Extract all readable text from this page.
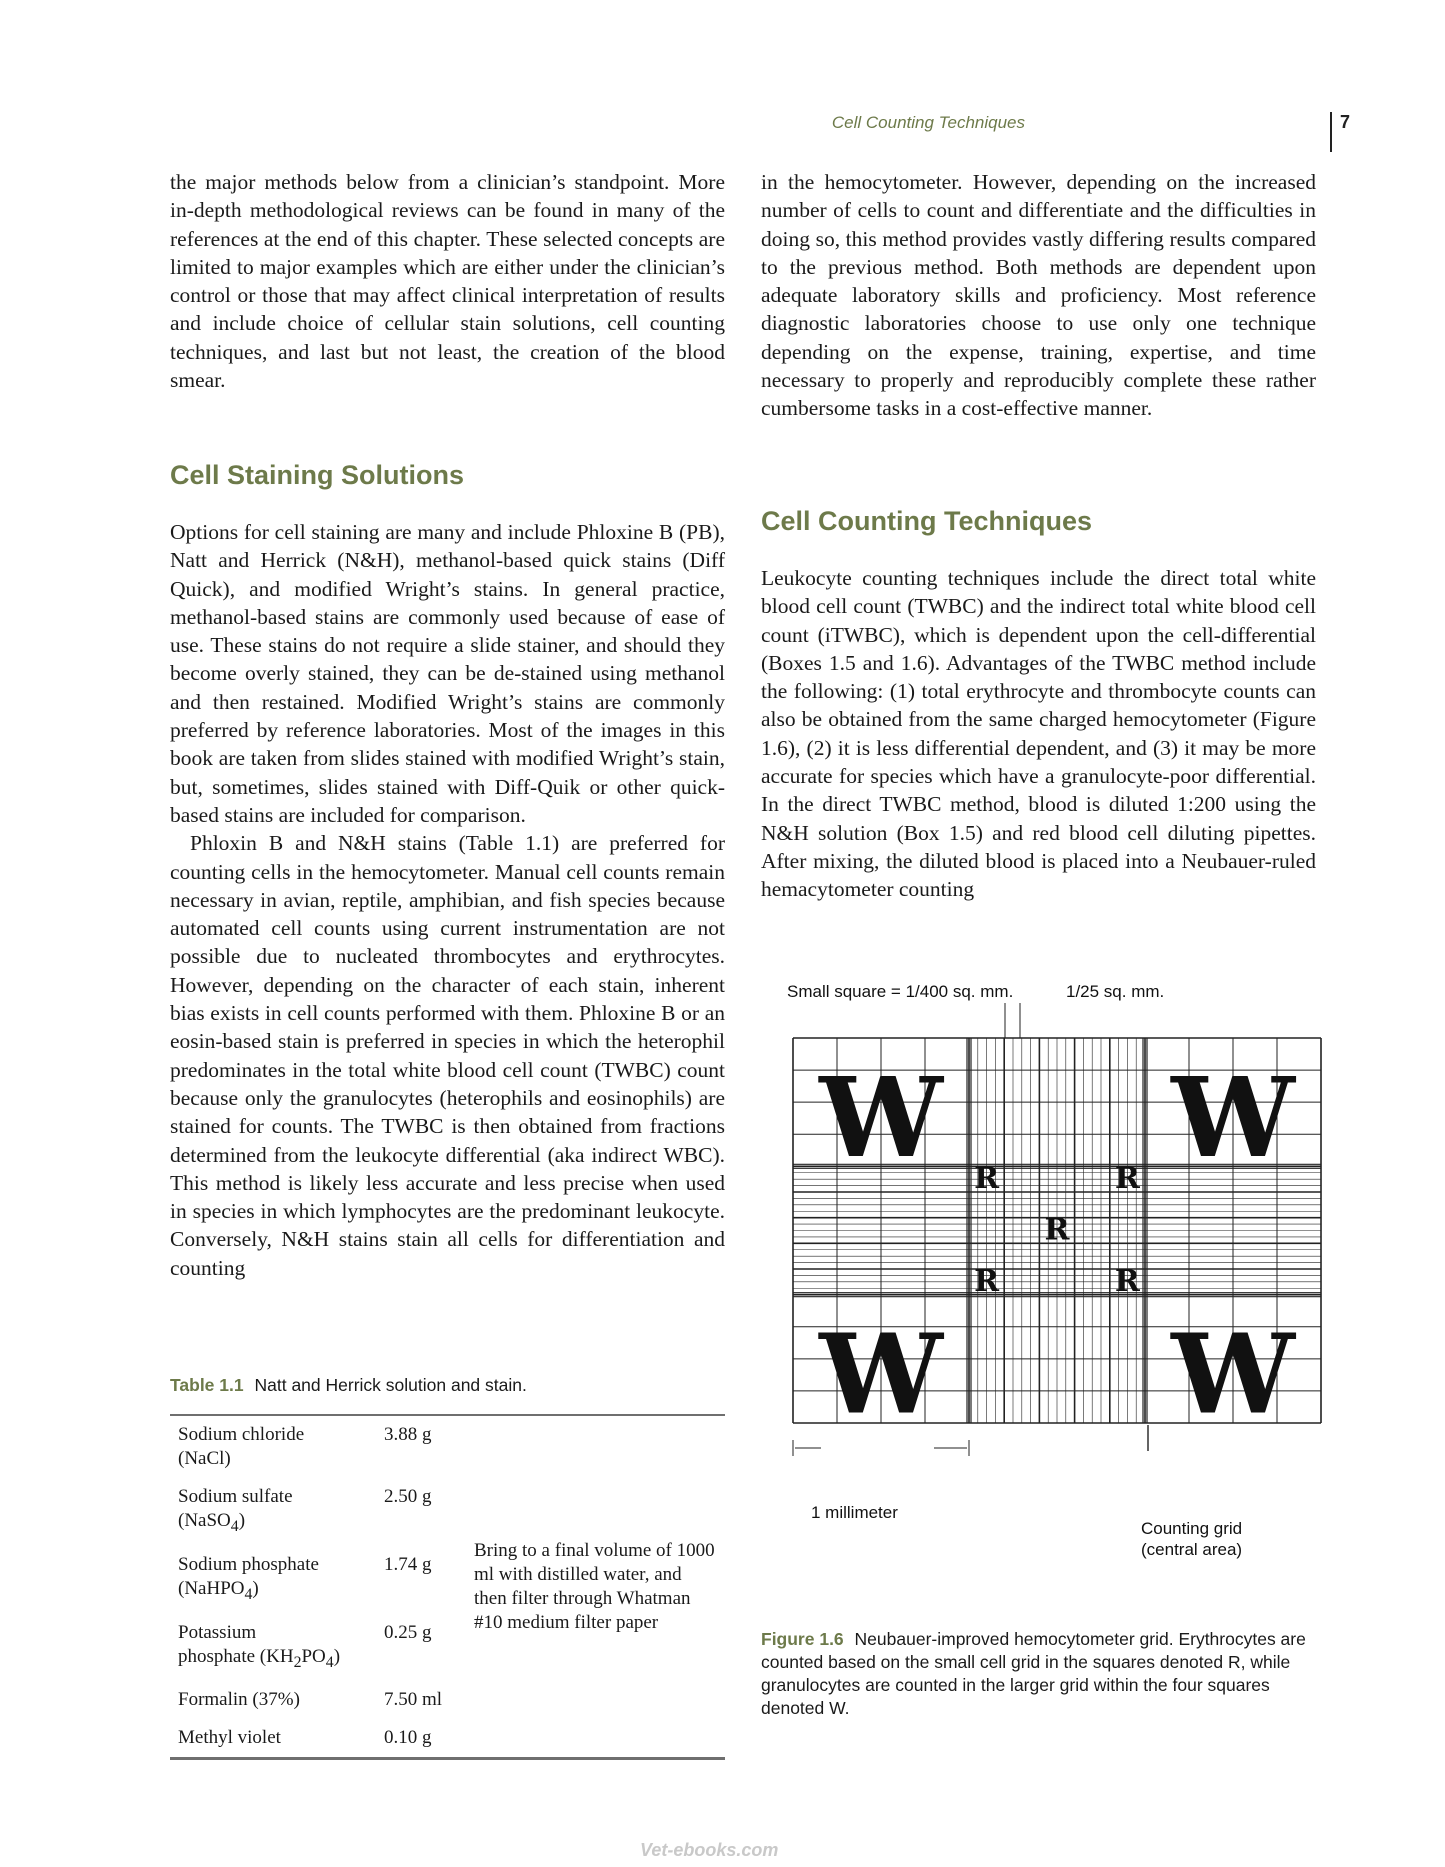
Cell Counting Techniques	7

the major methods below from a clinician’s standpoint. More in-depth methodological reviews can be found in many of the references at the end of this chapter. These selected concepts are limited to major examples which are either under the clinician’s control or those that may affect clinical interpretation of results and include choice of cellular stain solutions, cell counting techniques, and last but not least, the creation of the blood smear.

Cell Staining Solutions

Options for cell staining are many and include Phloxine B (PB), Natt and Herrick (N&H), methanol-based quick stains (Diff Quick), and modified Wright’s stains. In general practice, methanol-based stains are commonly used because of ease of use. These stains do not require a slide stainer, and should they become overly stained, they can be de-stained using methanol and then restained. Modified Wright’s stains are commonly preferred by reference laboratories. Most of the images in this book are taken from slides stained with modified Wright’s stain, but, sometimes, slides stained with Diff-Quik or other quick-based stains are included for comparison.

Phloxin B and N&H stains (Table 1.1) are preferred for counting cells in the hemocytometer. Manual cell counts remain necessary in avian, reptile, amphibian, and fish species because automated cell counts using current instrumentation are not possible due to nucleated thrombocytes and erythrocytes. However, depending on the character of each stain, inherent bias exists in cell counts performed with them. Phloxine B or an eosin-based stain is preferred in species in which the heterophil predominates in the total white blood cell count (TWBC) count because only the granulocytes (heterophils and eosinophils) are stained for counts. The TWBC is then obtained from fractions determined from the leukocyte differential (aka indirect WBC). This method is likely less accurate and less precise when used in species in which lymphocytes are the predominant leukocyte. Conversely, N&H stains stain all cells for differentiation and counting

Table 1.1 Natt and Herrick solution and stain.
Sodium chloride
(NaCl)	3.88 g	Bring to a final volume of 1000 ml with distilled water, and then filter through Whatman #10 medium filter paper
Sodium sulfate
(NaSO$_4$)	2.50 g	
Sodium phosphate
(NaHPO$_4$)	1.74 g	
Potassium
phosphate $(KH_2PO_4)$	0.25 g	
Formalin (37%)	7.50 ml	
Methyl violet	0.10 g	

in the hemocytometer. However, depending on the increased number of cells to count and differentiate and the difficulties in doing so, this method provides vastly differing results compared to the previous method. Both methods are dependent upon adequate laboratory skills and proficiency. Most reference diagnostic laboratories choose to use only one technique depending on the expense, training, expertise, and time necessary to properly and reproducibly complete these rather cumbersome tasks in a cost-effective manner.

Cell Counting Techniques

Leukocyte counting techniques include the direct total white blood cell count (TWBC) and the indirect total white blood cell count (iTWBC), which is dependent upon the cell-differential (Boxes 1.5 and 1.6). Advantages of the TWBC method include the following: (1) total erythrocyte and thrombocyte counts can also be obtained from the same charged hemocytometer (Figure 1.6), (2) it is less differential dependent, and (3) it may be more accurate for species which have a granulocyte-poor differential. In the direct TWBC method, blood is diluted 1:200 using the N&H solution (Box 1.5) and red blood cell diluting pipettes. After mixing, the diluted blood is placed into a Neubauer-ruled hemacytometer counting

Small square = 1/400 sq. mm.	1/25 sq. mm.
W W
W W
R	R
R
R	R
1 millimeter
Counting grid
(central area)
Figure 1.6 Neubauer-improved hemocytometer grid. Erythrocytes are counted based on the small cell grid in the squares denoted R, while granulocytes are counted in the larger grid within the four squares denoted W.
Vet-ebooks.com
